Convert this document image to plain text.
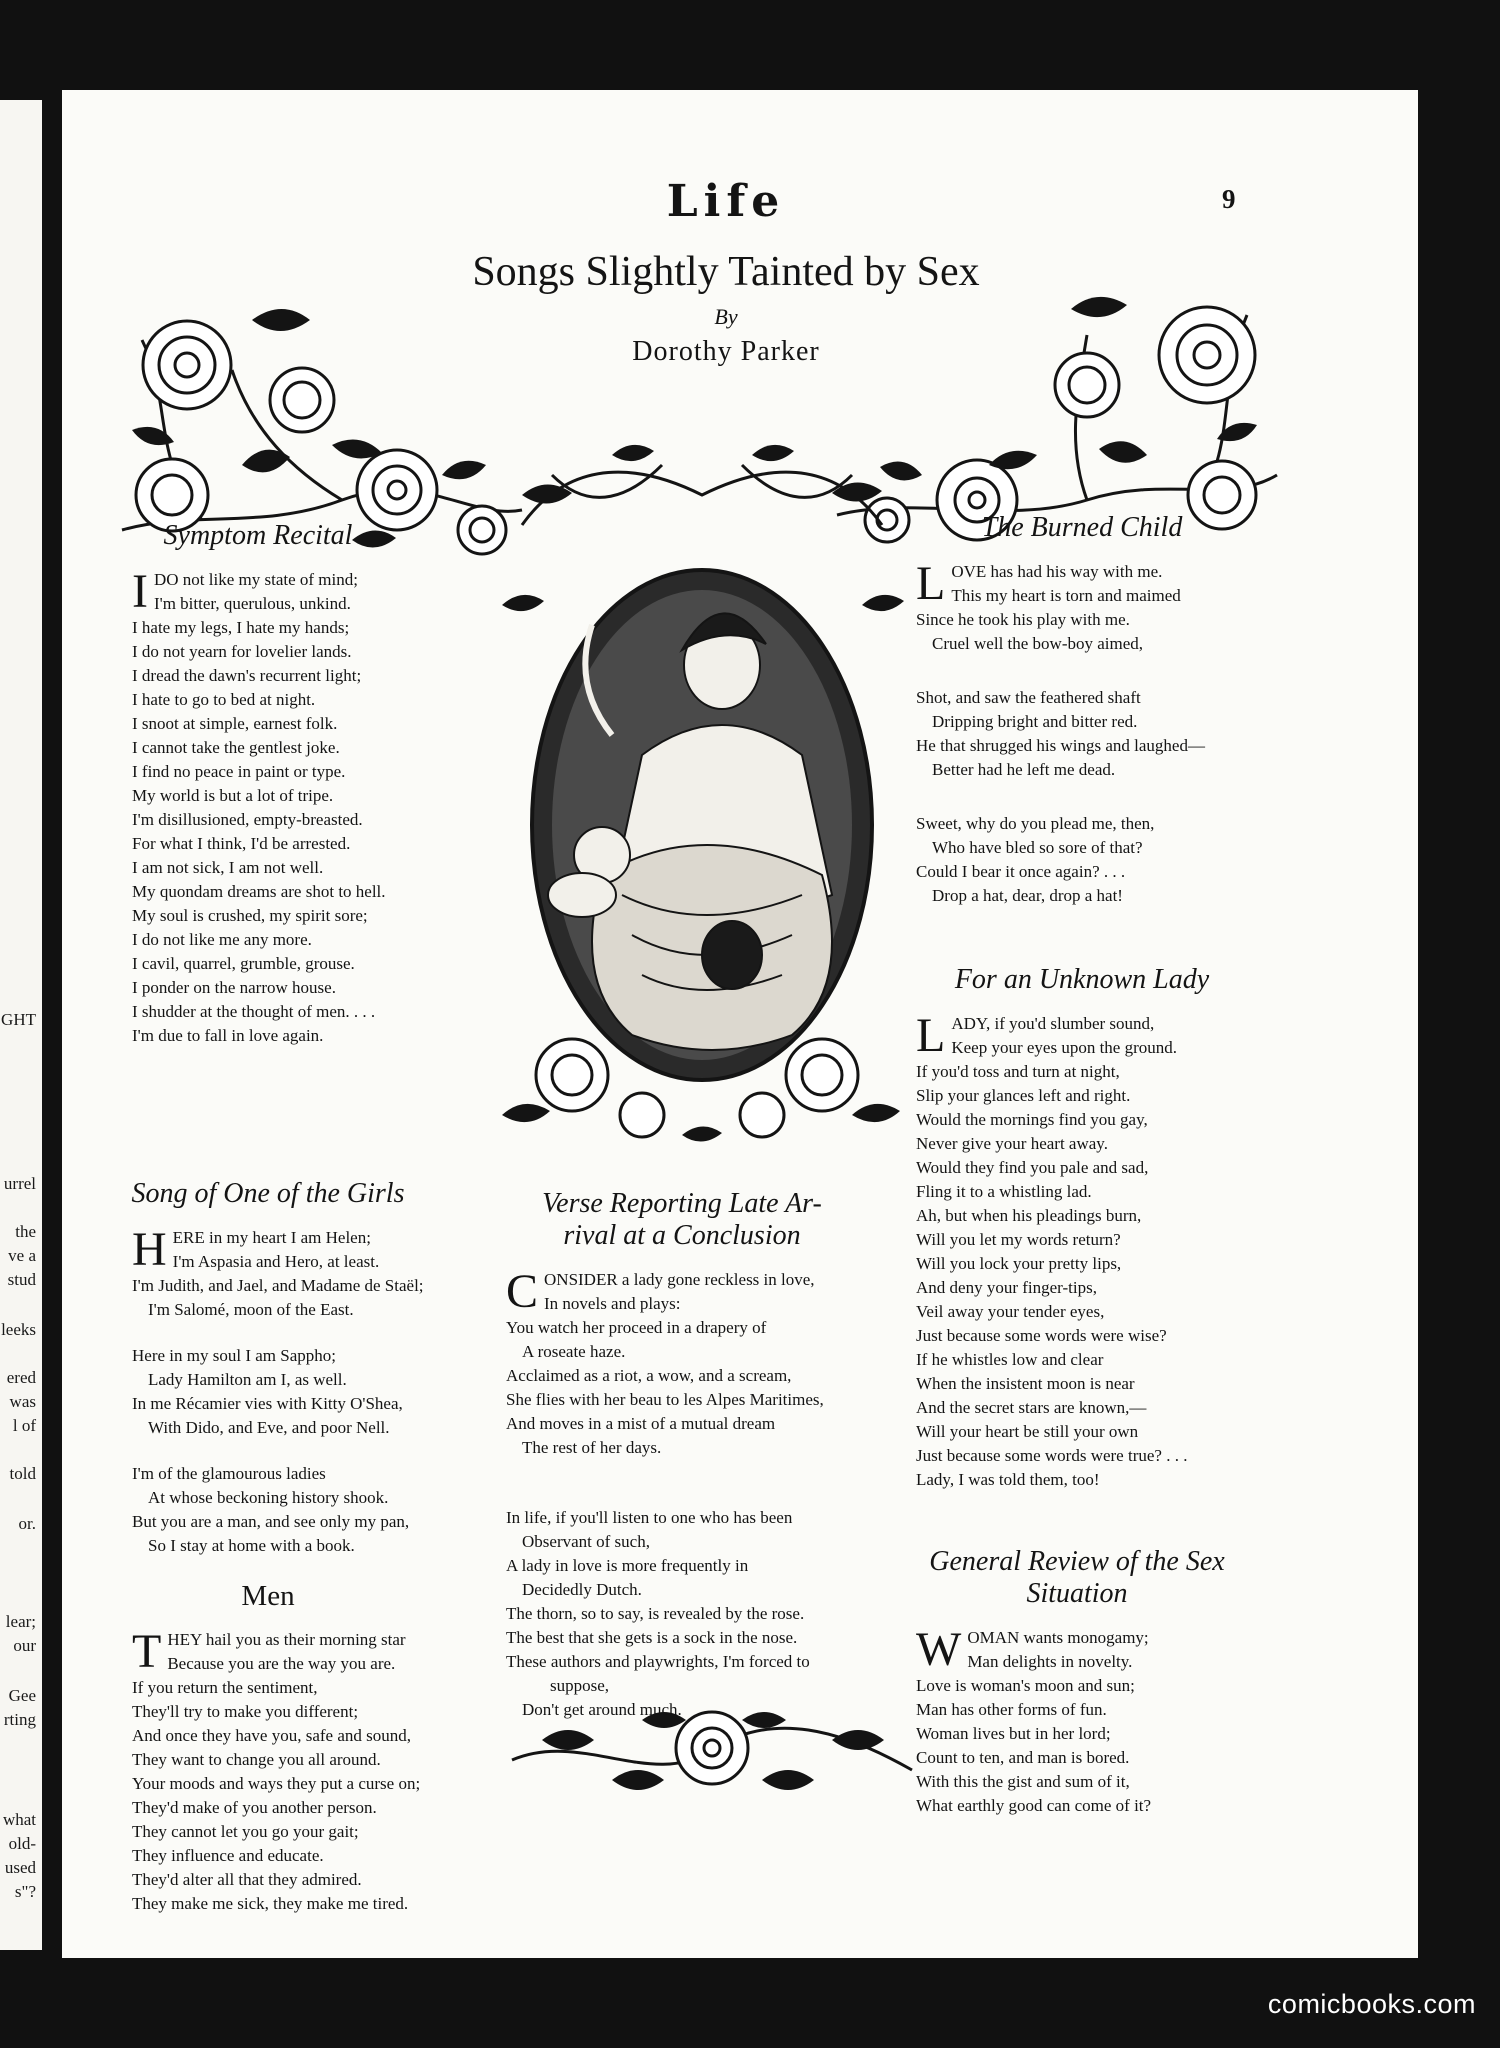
GHT
urrel
the
ve a
stud
leeks
ered
was
l of
told
or.
lear;
our
Gee
rting
what
old-
used
s"?
Life	9
Songs Slightly Tainted by Sex
By
Dorothy Parker
Symptom Recital
I DO not like my state of mind;
I'm bitter, querulous, unkind.
I hate my legs, I hate my hands;
I do not yearn for lovelier lands.
I dread the dawn's recurrent light;
I hate to go to bed at night.
I snoot at simple, earnest folk.
I cannot take the gentlest joke.
I find no peace in paint or type.
My world is but a lot of tripe.
I'm disillusioned, empty-breasted.
For what I think, I'd be arrested.
I am not sick, I am not well.
My quondam dreams are shot to hell.
My soul is crushed, my spirit sore;
I do not like me any more.
I cavil, quarrel, grumble, grouse.
I ponder on the narrow house.
I shudder at the thought of men. . . .
I'm due to fall in love again.
Song of One of the Girls
H ERE in my heart I am Helen;
I'm Aspasia and Hero, at least.
I'm Judith, and Jael, and Madame de Staël;
I'm Salomé, moon of the East.
Here in my soul I am Sappho;
Lady Hamilton am I, as well.
In me Récamier vies with Kitty O'Shea,
With Dido, and Eve, and poor Nell.
I'm of the glamourous ladies
At whose beckoning history shook.
But you are a man, and see only my pan,
So I stay at home with a book.
Men
T HEY hail you as their morning star
Because you are the way you are.
If you return the sentiment,
They'll try to make you different;
And once they have you, safe and sound,
They want to change you all around.
Your moods and ways they put a curse on;
They'd make of you another person.
They cannot let you go your gait;
They influence and educate.
They'd alter all that they admired.
They make me sick, they make me tired.
Verse Reporting Late Ar-
rival at a Conclusion
C ONSIDER a lady gone reckless in love,
In novels and plays:
You watch her proceed in a drapery of
A roseate haze.
Acclaimed as a riot, a wow, and a scream,
She flies with her beau to les Alpes Maritimes,
And moves in a mist of a mutual dream
The rest of her days.
In life, if you'll listen to one who has been
Observant of such,
A lady in love is more frequently in
Decidedly Dutch.
The thorn, so to say, is revealed by the rose.
The best that she gets is a sock in the nose.
These authors and playwrights, I'm forced to
suppose,
Don't get around much.
The Burned Child
L OVE has had his way with me.
This my heart is torn and maimed
Since he took his play with me.
Cruel well the bow-boy aimed,
Shot, and saw the feathered shaft
Dripping bright and bitter red.
He that shrugged his wings and laughed—
Better had he left me dead.
Sweet, why do you plead me, then,
Who have bled so sore of that?
Could I bear it once again? . . .
Drop a hat, dear, drop a hat!
For an Unknown Lady
L ADY, if you'd slumber sound,
Keep your eyes upon the ground.
If you'd toss and turn at night,
Slip your glances left and right.
Would the mornings find you gay,
Never give your heart away.
Would they find you pale and sad,
Fling it to a whistling lad.
Ah, but when his pleadings burn,
Will you let my words return?
Will you lock your pretty lips,
And deny your finger-tips,
Veil away your tender eyes,
Just because some words were wise?
If he whistles low and clear
When the insistent moon is near
And the secret stars are known,—
Will your heart be still your own
Just because some words were true? . . .
Lady, I was told them, too!
General Review of the Sex
Situation
W OMAN wants monogamy;
Man delights in novelty.
Love is woman's moon and sun;
Man has other forms of fun.
Woman lives but in her lord;
Count to ten, and man is bored.
With this the gist and sum of it,
What earthly good can come of it?
comicbooks.com
